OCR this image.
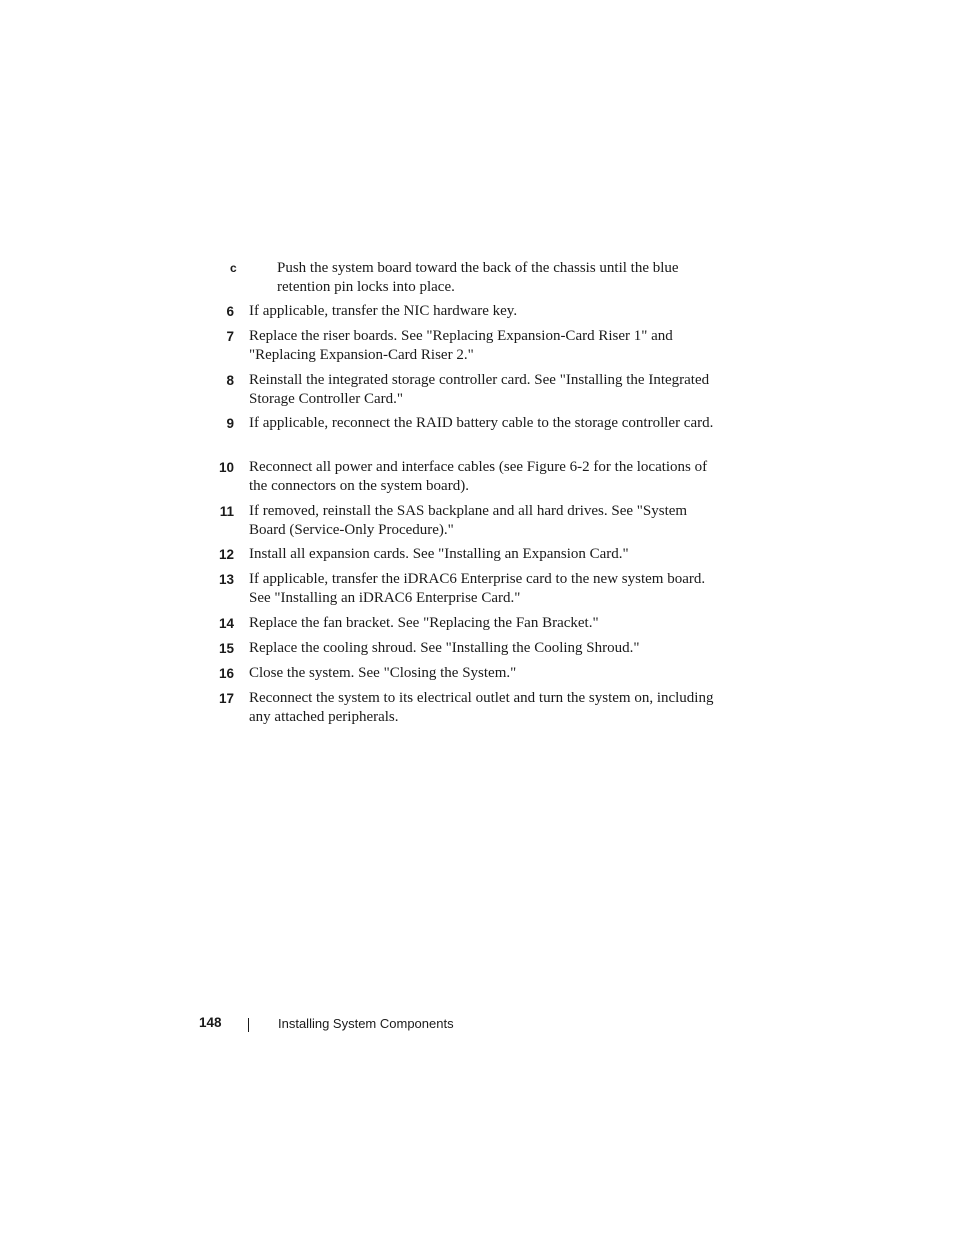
c	Push the system board toward the back of the chassis until the blue retention pin locks into place.

6 If applicable, transfer the NIC hardware key.

7 Replace the riser boards. See "Replacing Expansion-Card Riser 1" and "Replacing Expansion-Card Riser 2."

8 Reinstall the integrated storage controller card. See "Installing the Integrated Storage Controller Card."

9 If applicable, reconnect the RAID battery cable to the storage controller card.

10 Reconnect all power and interface cables (see Figure 6-2 for the locations of the connectors on the system board).

11 If removed, reinstall the SAS backplane and all hard drives. See "System Board (Service-Only Procedure)."

12 Install all expansion cards. See "Installing an Expansion Card."

13 If applicable, transfer the iDRAC6 Enterprise card to the new system board. See "Installing an iDRAC6 Enterprise Card."

14 Replace the fan bracket. See "Replacing the Fan Bracket."

15 Replace the cooling shroud. See "Installing the Cooling Shroud."

16 Close the system. See "Closing the System."

17 Reconnect the system to its electrical outlet and turn the system on, including any attached peripherals.

148	Installing System Components
